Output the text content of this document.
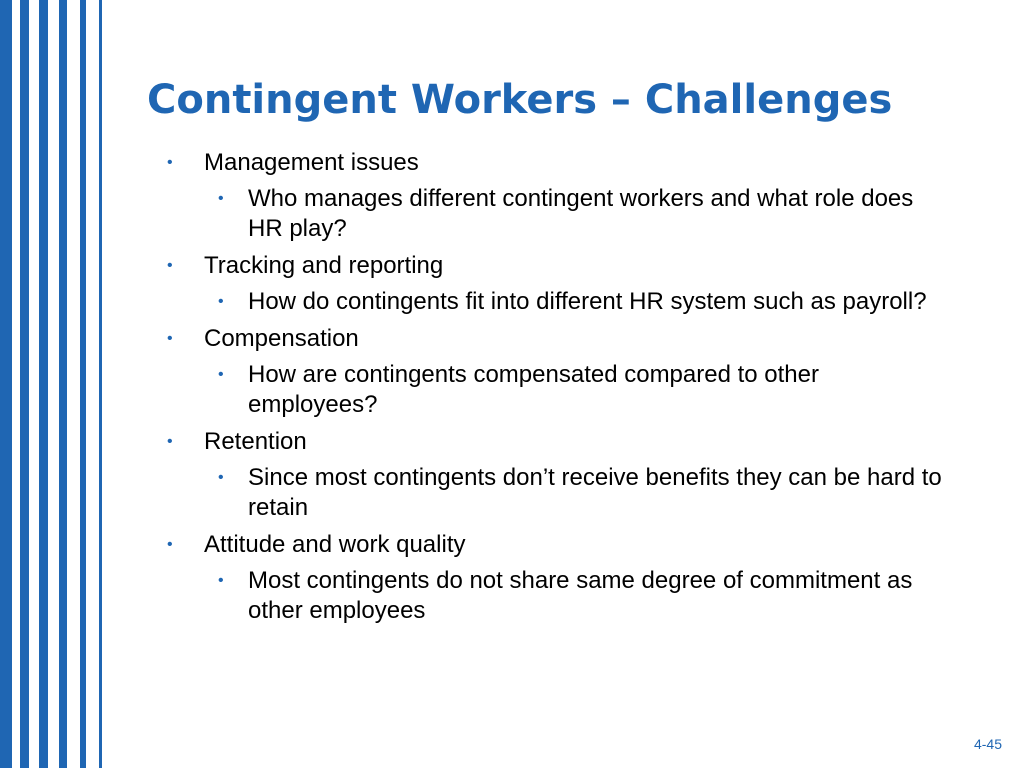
Contingent Workers – Challenges
• Management issues
• Who manages different contingent workers and what role does HR play?
• Tracking and reporting
• How do contingents fit into different HR system such as payroll?
• Compensation
• How are contingents compensated compared to other employees?
• Retention
• Since most contingents don’t receive benefits they can be hard to retain
• Attitude and work quality
• Most contingents do not share same degree of commitment as other employees
4-45
